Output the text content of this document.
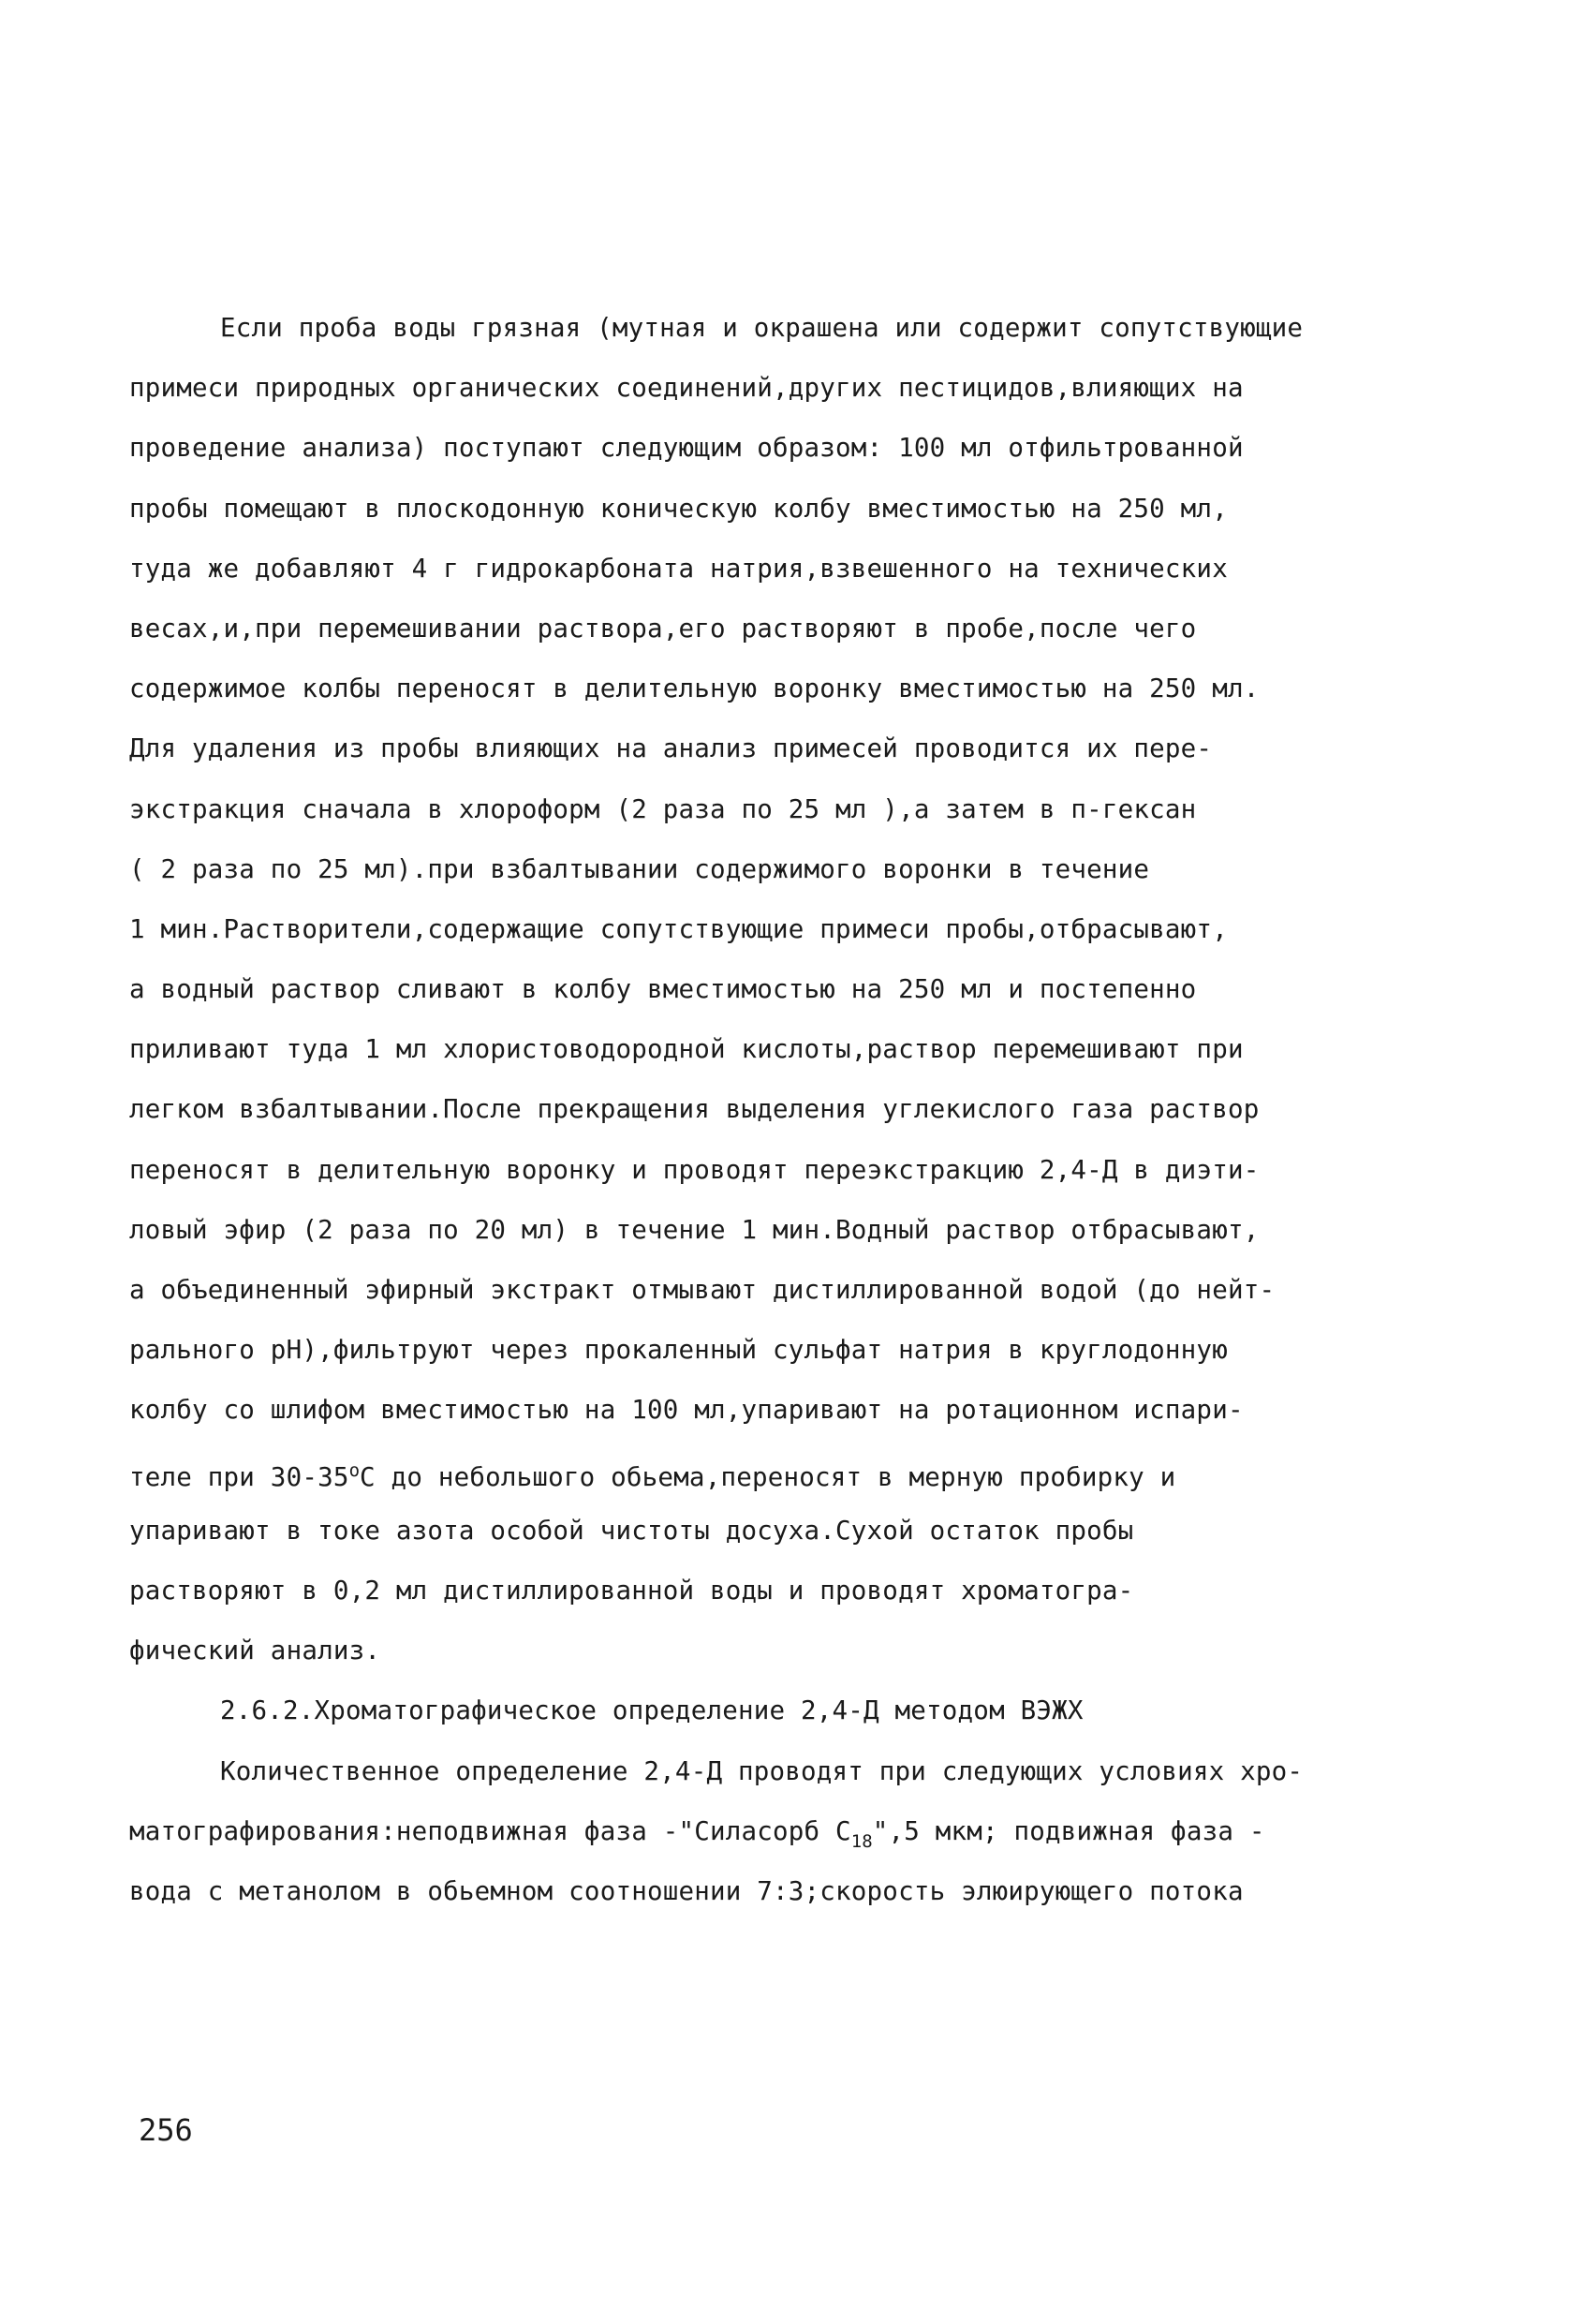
Если проба воды грязная (мутная и окрашена или содержит сопутствующие
примеси природных органических соединений,других пестицидов,влияющих на
проведение анализа) поступают следующим образом: 100 мл отфильтрованной
пробы помещают в плоскодонную коническую колбу вместимостью на 250 мл,
туда же добавляют 4 г гидрокарбоната натрия,взвешенного на технических
весах,и,при перемешивании раствора,его растворяют в пробе,после чего
содержимое колбы переносят в делительную воронку вместимостью на 250 мл.
Для удаления из пробы влияющих на анализ примесей проводится их пере-
экстракция сначала в хлороформ (2 раза по 25 мл ),а затем в п-гексан
( 2 раза по 25 мл).при взбалтывании содержимого воронки в течение
1 мин.Растворители,содержащие сопутствующие примеси пробы,отбрасывают,
а водный раствор сливают в колбу вместимостью на 250 мл и постепенно
приливают туда 1 мл хлористоводородной кислоты,раствор перемешивают при
легком взбалтывании.После прекращения выделения углекислого газа раствор
переносят в делительную воронку и проводят переэкстракцию 2,4-Д в диэти-
ловый эфир (2 раза по 20 мл) в течение 1 мин.Водный раствор отбрасывают,
а объединенный эфирный экстракт отмывают дистиллированной водой (до нейт-
рального рН),фильтруют через прокаленный сульфат натрия в круглодонную
колбу со шлифом вместимостью на 100 мл,упаривают на ротационном испари-
теле при $30-35^оС$ до небольшого обьема,переносят в мерную пробирку и
упаривают в токе азота особой чистоты досуха.Сухой остаток пробы
растворяют в 0,2 мл дистиллированной воды и проводят хроматогра-
фический анализ.
2.6.2.Хроматографическое определение 2,4-Д методом ВЭЖХ
Количественное определение 2,4-Д проводят при следующих условиях хро-
матографирования:неподвижная фаза -"Силасорб $С_{18}",5$ мкм; подвижная фаза -
вода с метанолом в обьемном соотношении 7:3;скорость элюирующего потока
256
